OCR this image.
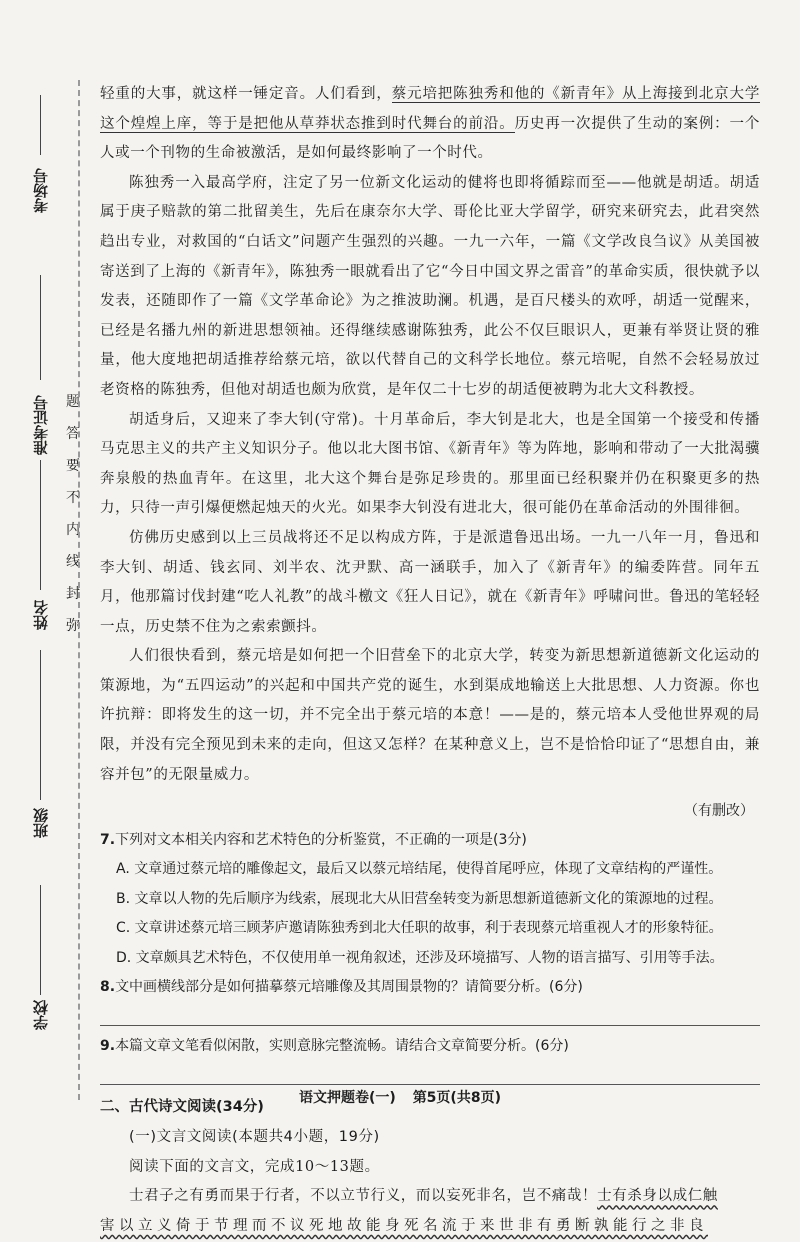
考场号
准考证号
姓名
班级
学校
题
答
要
不
内
线
封
弥

轻重的大事，就这样一锤定音。人们看到，蔡元培把陈独秀和他的《新青年》从上海接到北京大学这个煌煌上庠，等于是把他从草莽状态推到时代舞台的前沿。历史再一次提供了生动的案例：一个人或一个刊物的生命被激活，是如何最终影响了一个时代。

陈独秀一入最高学府，注定了另一位新文化运动的健将也即将循踪而至——他就是胡适。胡适属于庚子赔款的第二批留美生，先后在康奈尔大学、哥伦比亚大学留学，研究来研究去，此君突然趋出专业，对救国的“白话文”问题产生强烈的兴趣。一九一六年，一篇《文学改良刍议》从美国被寄送到了上海的《新青年》，陈独秀一眼就看出了它“今日中国文界之雷音”的革命实质，很快就予以发表，还随即作了一篇《文学革命论》为之推波助澜。机遇，是百尺楼头的欢呼，胡适一觉醒来，已经是名播九州的新进思想领袖。还得继续感谢陈独秀，此公不仅巨眼识人，更兼有举贤让贤的雅量，他大度地把胡适推荐给蔡元培，欲以代替自己的文科学长地位。蔡元培呢，自然不会轻易放过老资格的陈独秀，但他对胡适也颇为欣赏，是年仅二十七岁的胡适便被聘为北大文科教授。

胡适身后，又迎来了李大钊(守常)。十月革命后，李大钊是北大，也是全国第一个接受和传播马克思主义的共产主义知识分子。他以北大图书馆、《新青年》等为阵地，影响和带动了一大批渴骥奔泉般的热血青年。在这里，北大这个舞台是弥足珍贵的。那里面已经积聚并仍在积聚更多的热力，只待一声引爆便燃起烛天的火光。如果李大钊没有进北大，很可能仍在革命活动的外围徘徊。

仿佛历史感到以上三员战将还不足以构成方阵，于是派遣鲁迅出场。一九一八年一月，鲁迅和李大钊、胡适、钱玄同、刘半农、沈尹默、高一涵联手，加入了《新青年》的编委阵营。同年五月，他那篇讨伐封建“吃人礼教”的战斗檄文《狂人日记》，就在《新青年》呼啸问世。鲁迅的笔轻轻一点，历史禁不住为之索索颤抖。

人们很快看到，蔡元培是如何把一个旧营垒下的北京大学，转变为新思想新道德新文化运动的策源地，为“五四运动”的兴起和中国共产党的诞生，水到渠成地输送上大批思想、人力资源。你也许抗辩：即将发生的这一切，并不完全出于蔡元培的本意！——是的，蔡元培本人受他世界观的局限，并没有完全预见到未来的走向，但这又怎样？在某种意义上，岂不是恰恰印证了“思想自由，兼容并包”的无限量威力。

（有删改）

7.下列对文本相关内容和艺术特色的分析鉴赏，不正确的一项是(3分)

A. 文章通过蔡元培的雕像起文，最后又以蔡元培结尾，使得首尾呼应，体现了文章结构的严谨性。

B. 文章以人物的先后顺序为线索，展现北大从旧营垒转变为新思想新道德新文化的策源地的过程。

C. 文章讲述蔡元培三顾茅庐邀请陈独秀到北大任职的故事，利于表现蔡元培重视人才的形象特征。

D. 文章颇具艺术特色，不仅使用单一视角叙述，还涉及环境描写、人物的语言描写、引用等手法。

8.文中画横线部分是如何描摹蔡元培雕像及其周围景物的？请简要分析。(6分)

9.本篇文章文笔看似闲散，实则意脉完整流畅。请结合文章简要分析。(6分)

二、古代诗文阅读(34分)

(一)文言文阅读(本题共4小题，19分)

阅读下面的文言文，完成10～13题。

士君子之有勇而果于行者，不以立节行义，而以妄死非名，岂不痛哉！士有杀身以成仁触

害以立义倚于节理而不议死地故能身死名流于来世非有勇断孰能行之非良

语文押题卷(一) 第5页(共8页)
